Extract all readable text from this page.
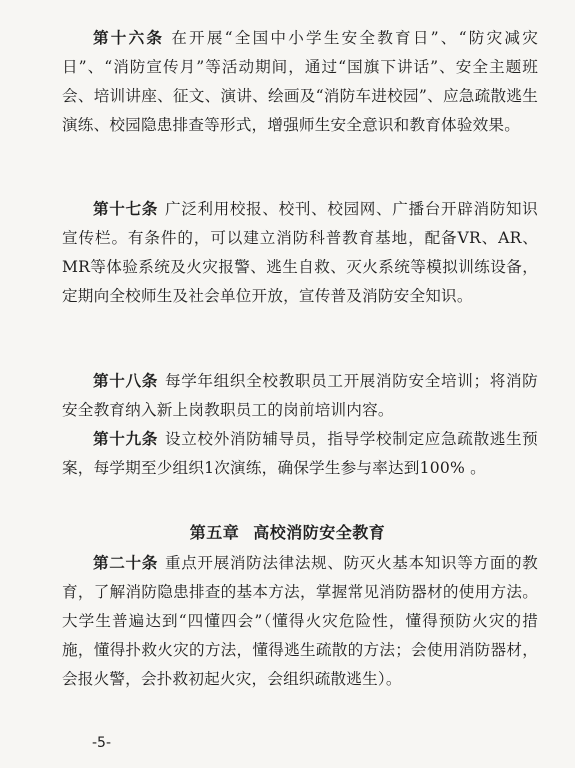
第十六条 在开展“全国中小学生安全教育日”、“防灾减灾日”、“消防宣传月”等活动期间，通过“国旗下讲话”、安全主题班会、培训讲座、征文、演讲、绘画及“消防车进校园”、应急疏散逃生演练、校园隐患排查等形式，增强师生安全意识和教育体验效果。

第十七条 广泛利用校报、校刊、校园网、广播台开辟消防知识宣传栏。有条件的，可以建立消防科普教育基地，配备VR、AR、MR等体验系统及火灾报警、逃生自救、灭火系统等模拟训练设备，定期向全校师生及社会单位开放，宣传普及消防安全知识。

第十八条 每学年组织全校教职员工开展消防安全培训；将消防安全教育纳入新上岗教职员工的岗前培训内容。

第十九条 设立校外消防辅导员，指导学校制定应急疏散逃生预案，每学期至少组织1次演练，确保学生参与率达到100% 。

第五章 高校消防安全教育

第二十条 重点开展消防法律法规、防灭火基本知识等方面的教育，了解消防隐患排查的基本方法，掌握常见消防器材的使用方法。大学生普遍达到“四懂四会”（懂得火灾危险性，懂得预防火灾的措施，懂得扑救火灾的方法，懂得逃生疏散的方法；会使用消防器材，会报火警，会扑救初起火灾，会组织疏散逃生）。

-5-
